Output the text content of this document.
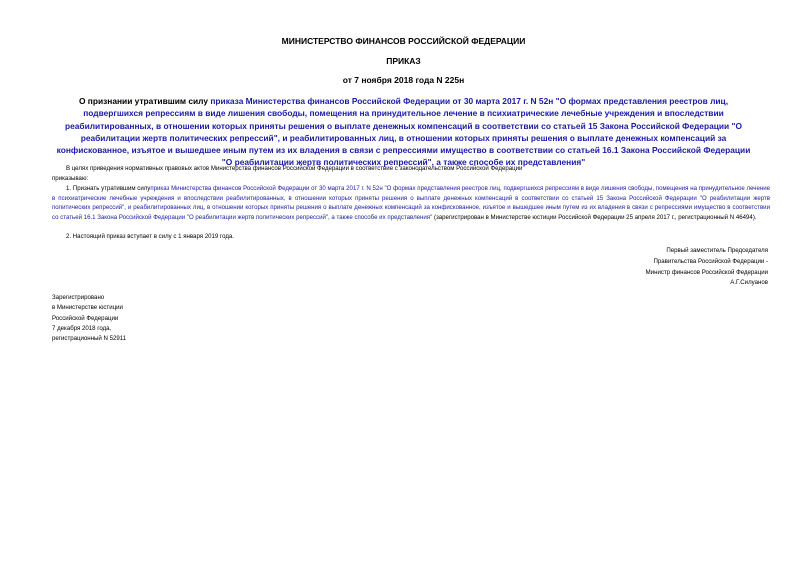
МИНИСТЕРСТВО ФИНАНСОВ РОССИЙСКОЙ ФЕДЕРАЦИИ
ПРИКАЗ
от 7 ноября 2018 года N 225н
О признании утратившим силу приказа Министерства финансов Российской Федерации от 30 марта 2017 г. N 52н "О формах представления реестров лиц, подвергшихся репрессиям в виде лишения свободы, помещения на принудительное лечение в психиатрические лечебные учреждения и впоследствии реабилитированных, в отношении которых приняты решения о выплате денежных компенсаций в соответствии со статьей 15 Закона Российской Федерации "О реабилитации жертв политических репрессий", и реабилитированных лиц, в отношении которых приняты решения о выплате денежных компенсаций за конфискованное, изъятое и вышедшее иным путем из их владения в связи с репрессиями имущество в соответствии со статьей 16.1 Закона Российской Федерации "О реабилитации жертв политических репрессий", а также способе их представления"
В целях приведения нормативных правовых актов Министерства финансов Российской Федерации в соответствие с законодательством Российской Федерации
приказываю:
1. Признать утратившим силуприказ Министерства финансов Российской Федерации от 30 марта 2017 г. N 52н "О формах представления реестров лиц, подвергшихся репрессиям в виде лишения свободы, помещения на принудительное лечение в психиатрические лечебные учреждения и впоследствии реабилитированных, в отношении которых приняты решения о выплате денежных компенсаций в соответствии со статьей 15 Закона Российской Федерации "О реабилитации жертв политических репрессий", и реабилитированных лиц, в отношении которых приняты решения о выплате денежных компенсаций за конфискованное, изъятое и вышедшее иным путем из их владения в связи с репрессиями имущество в соответствии со статьей 16.1 Закона Российской Федерации "О реабилитации жертв политических репрессий", а также способе их представления" (зарегистрирован в Министерстве юстиции Российской Федерации 25 апреля 2017 г., регистрационный N 46494).
2. Настоящий приказ вступает в силу с 1 января 2019 года.
Первый заместитель Председателя
Правительства Российской Федерации -
Министр финансов Российской Федерации
А.Г.Силуанов
Зарегистрировано
в Министерстве юстиции
Российской Федерации
7 декабря 2018 года,
регистрационный N 52911
